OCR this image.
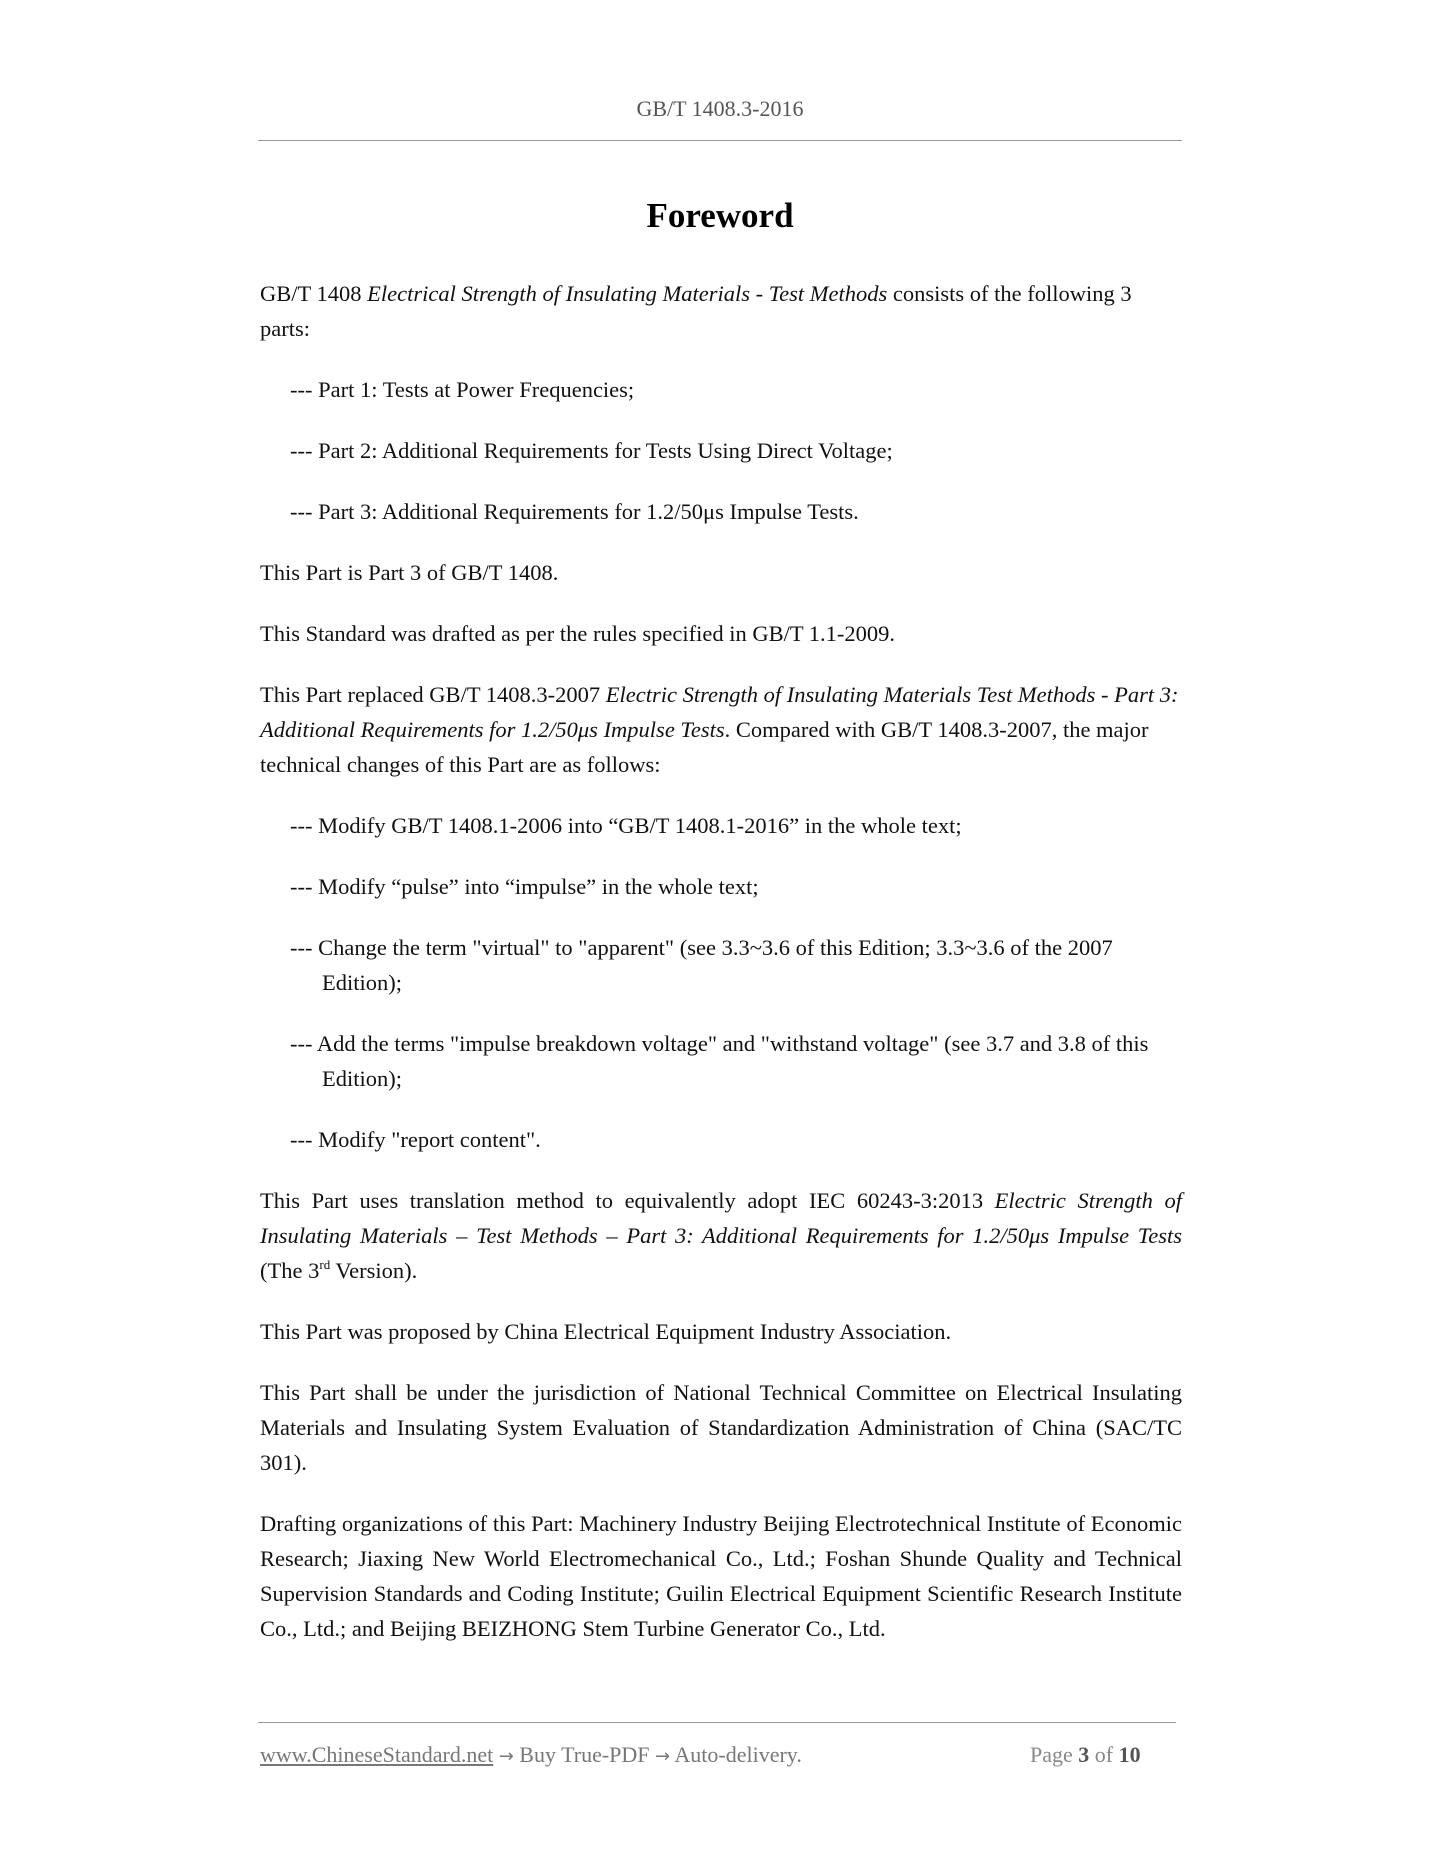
GB/T 1408.3-2016
Foreword

GB/T 1408 Electrical Strength of Insulating Materials - Test Methods consists of the following 3 parts:

--- Part 1: Tests at Power Frequencies;

--- Part 2: Additional Requirements for Tests Using Direct Voltage;

--- Part 3: Additional Requirements for 1.2/50μs Impulse Tests.

This Part is Part 3 of GB/T 1408.

This Standard was drafted as per the rules specified in GB/T 1.1-2009.

This Part replaced GB/T 1408.3-2007 Electric Strength of Insulating Materials Test Methods - Part 3: Additional Requirements for 1.2/50μs Impulse Tests. Compared with GB/T 1408.3-2007, the major technical changes of this Part are as follows:

--- Modify GB/T 1408.1-2006 into “GB/T 1408.1-2016” in the whole text;

--- Modify “pulse” into “impulse” in the whole text;

--- Change the term "virtual" to "apparent" (see 3.3~3.6 of this Edition; 3.3~3.6 of the 2007 Edition);

--- Add the terms "impulse breakdown voltage" and "withstand voltage" (see 3.7 and 3.8 of this Edition);

--- Modify "report content".

This Part uses translation method to equivalently adopt IEC 60243-3:2013 Electric Strength of Insulating Materials – Test Methods – Part 3: Additional Requirements for 1.2/50μs Impulse Tests (The 3rd Version).

This Part was proposed by China Electrical Equipment Industry Association.

This Part shall be under the jurisdiction of National Technical Committee on Electrical Insulating Materials and Insulating System Evaluation of Standardization Administration of China (SAC/TC 301).

Drafting organizations of this Part: Machinery Industry Beijing Electrotechnical Institute of Economic Research; Jiaxing New World Electromechanical Co., Ltd.; Foshan Shunde Quality and Technical Supervision Standards and Coding Institute; Guilin Electrical Equipment Scientific Research Institute Co., Ltd.; and Beijing BEIZHONG Stem Turbine Generator Co., Ltd.

www.ChineseStandard.net → Buy True-PDF → Auto-delivery.	Page 3 of 10
